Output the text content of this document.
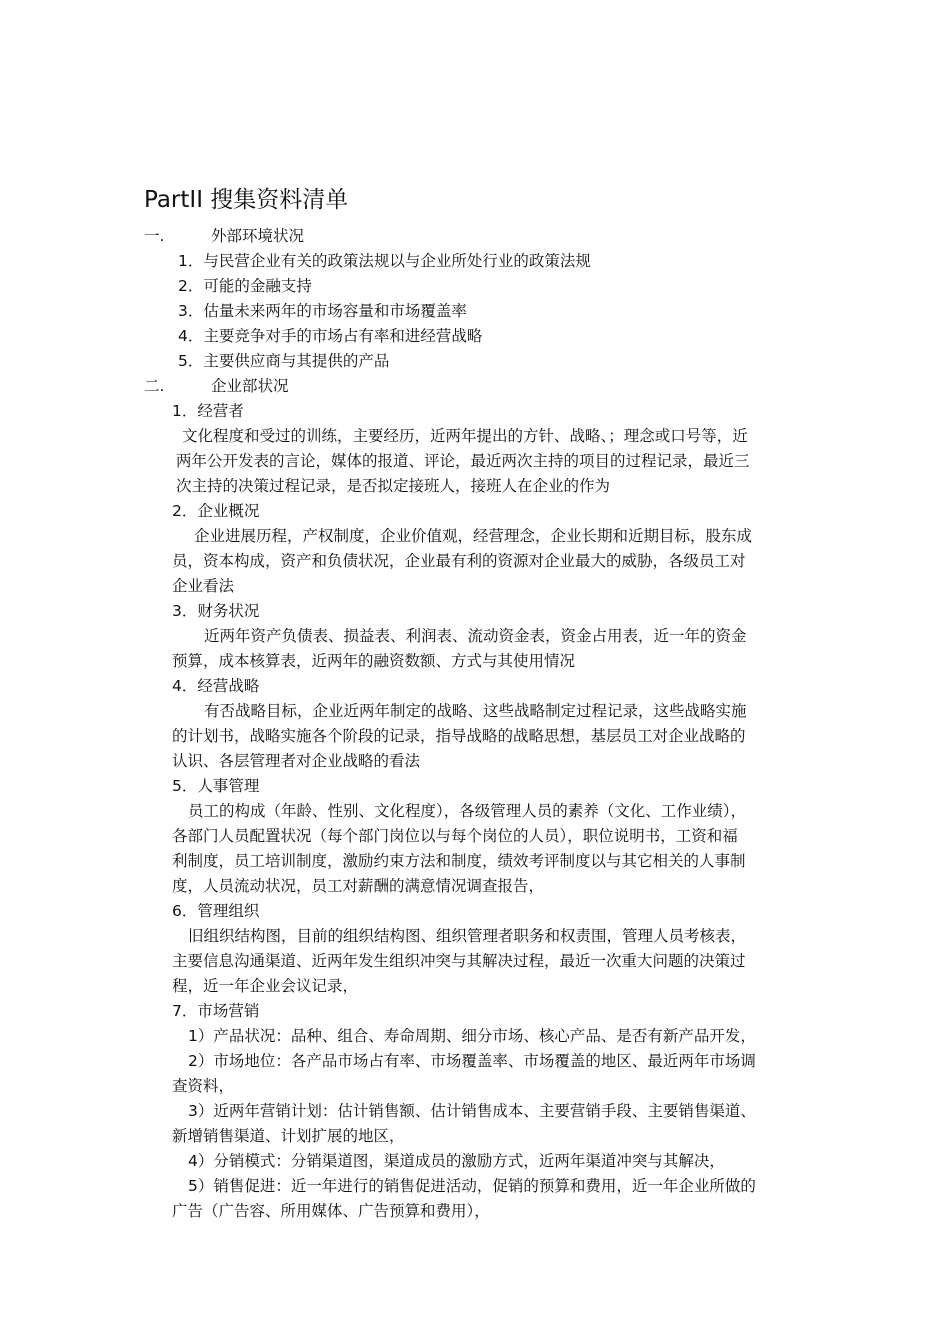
PartII 搜集资料清单
一.	外部环境状况
1．与民营企业有关的政策法规以与企业所处行业的政策法规
2．可能的金融支持
3．估量未来两年的市场容量和市场覆盖率
4．主要竞争对手的市场占有率和进经营战略
5．主要供应商与其提供的产品
二.	企业部状况
1．经营者
文化程度和受过的训练，主要经历，近两年提出的方针、战略、；理念或口号等，近
两年公开发表的言论，媒体的报道、评论，最近两次主持的项目的过程记录，最近三
次主持的决策过程记录，是否拟定接班人，接班人在企业的作为
2．企业概况
企业进展历程，产权制度，企业价值观，经营理念，企业长期和近期目标，股东成
员，资本构成，资产和负债状况，企业最有利的资源对企业最大的威胁，各级员工对
企业看法
3．财务状况
近两年资产负债表、损益表、利润表、流动资金表，资金占用表，近一年的资金
预算，成本核算表，近两年的融资数额、方式与其使用情况
4．经营战略
有否战略目标，企业近两年制定的战略、这些战略制定过程记录，这些战略实施
的计划书，战略实施各个阶段的记录，指导战略的战略思想，基层员工对企业战略的
认识、各层管理者对企业战略的看法
5．人事管理
员工的构成（年龄、性别、文化程度），各级管理人员的素养（文化、工作业绩），
各部门人员配置状况（每个部门岗位以与每个岗位的人员），职位说明书，工资和福
利制度，员工培训制度，激励约束方法和制度，绩效考评制度以与其它相关的人事制
度，人员流动状况，员工对薪酬的满意情况调查报告，
6．管理组织
旧组织结构图，目前的组织结构图、组织管理者职务和权责围，管理人员考核表，
主要信息沟通渠道、近两年发生组织冲突与其解决过程，最近一次重大问题的决策过
程，近一年企业会议记录，
7．市场营销
1）产品状况：品种、组合、寿命周期、细分市场、核心产品、是否有新产品开发，
2）市场地位：各产品市场占有率、市场覆盖率、市场覆盖的地区、最近两年市场调
查资料，
3）近两年营销计划：估计销售额、估计销售成本、主要营销手段、主要销售渠道、
新增销售渠道、计划扩展的地区，
4）分销模式：分销渠道图，渠道成员的激励方式，近两年渠道冲突与其解决，
5）销售促进：近一年进行的销售促进活动，促销的预算和费用，近一年企业所做的
广告（广告容、所用媒体、广告预算和费用），
